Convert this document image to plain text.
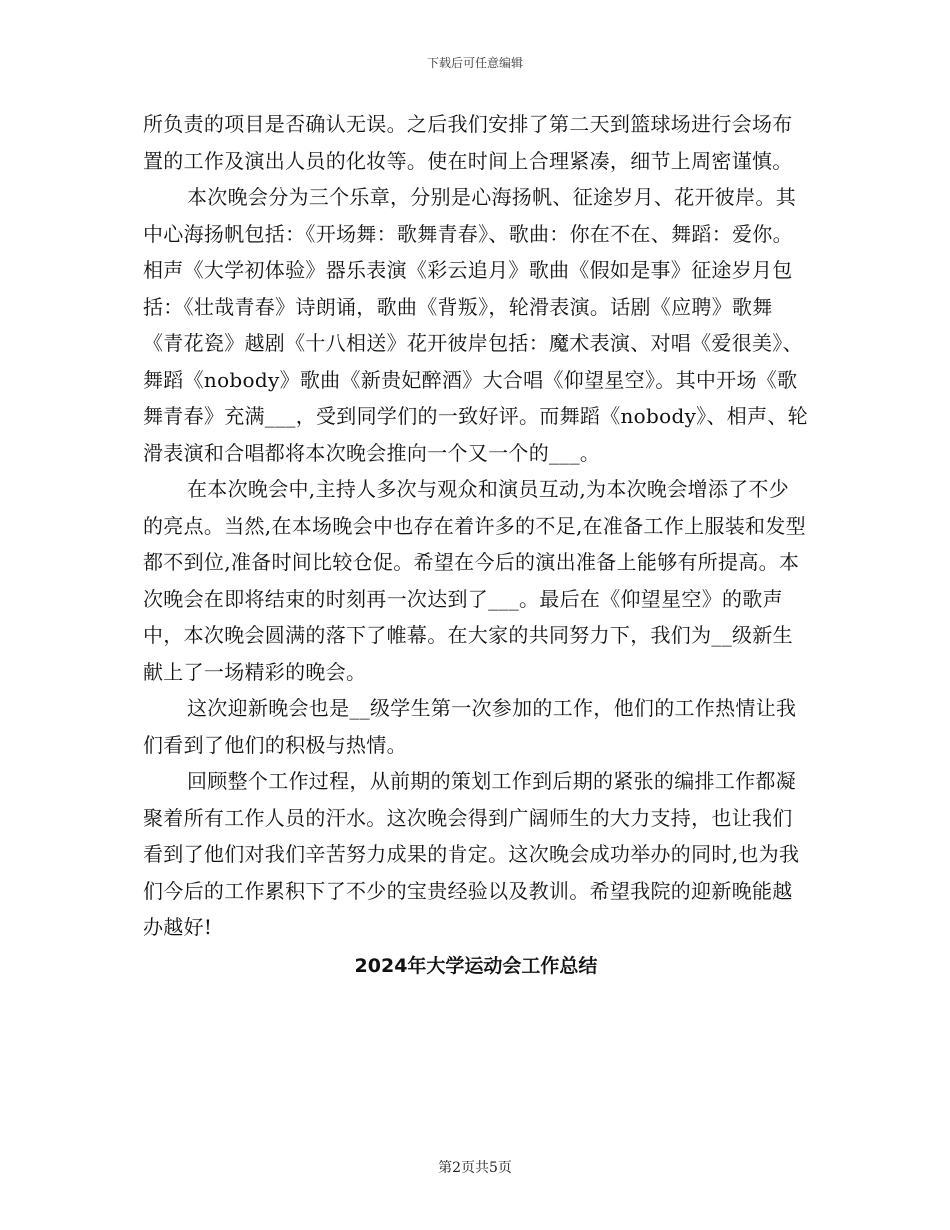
下载后可任意编辑

所负责的项目是否确认无误。之后我们安排了第二天到篮球场进行会场布置的工作及演出人员的化妆等。使在时间上合理紧凑，细节上周密谨慎。

本次晚会分为三个乐章，分别是心海扬帆、征途岁月、花开彼岸。其中心海扬帆包括：《开场舞：歌舞青春》、歌曲：你在不在、舞蹈：爱你。相声《大学初体验》器乐表演《彩云追月》歌曲《假如是事》征途岁月包括：《壮哉青春》诗朗诵，歌曲《背叛》，轮滑表演。话剧《应聘》歌舞《青花瓷》越剧《十八相送》花开彼岸包括：魔术表演、对唱《爱很美》、舞蹈《nobody》歌曲《新贵妃醉酒》大合唱《仰望星空》。其中开场《歌舞青春》充满___，受到同学们的一致好评。而舞蹈《nobody》、相声、轮滑表演和合唱都将本次晚会推向一个又一个的___。

在本次晚会中,主持人多次与观众和演员互动,为本次晚会增添了不少的亮点。当然,在本场晚会中也存在着许多的不足,在准备工作上服装和发型都不到位,准备时间比较仓促。希望在今后的演出准备上能够有所提高。本次晚会在即将结束的时刻再一次达到了___。最后在《仰望星空》的歌声中，本次晚会圆满的落下了帷幕。在大家的共同努力下，我们为__级新生献上了一场精彩的晚会。

这次迎新晚会也是__级学生第一次参加的工作，他们的工作热情让我们看到了他们的积极与热情。

回顾整个工作过程，从前期的策划工作到后期的紧张的编排工作都凝聚着所有工作人员的汗水。这次晚会得到广阔师生的大力支持，也让我们看到了他们对我们辛苦努力成果的肯定。这次晚会成功举办的同时,也为我们今后的工作累积下了不少的宝贵经验以及教训。希望我院的迎新晚能越办越好!

2024年大学运动会工作总结
第2页共5页
